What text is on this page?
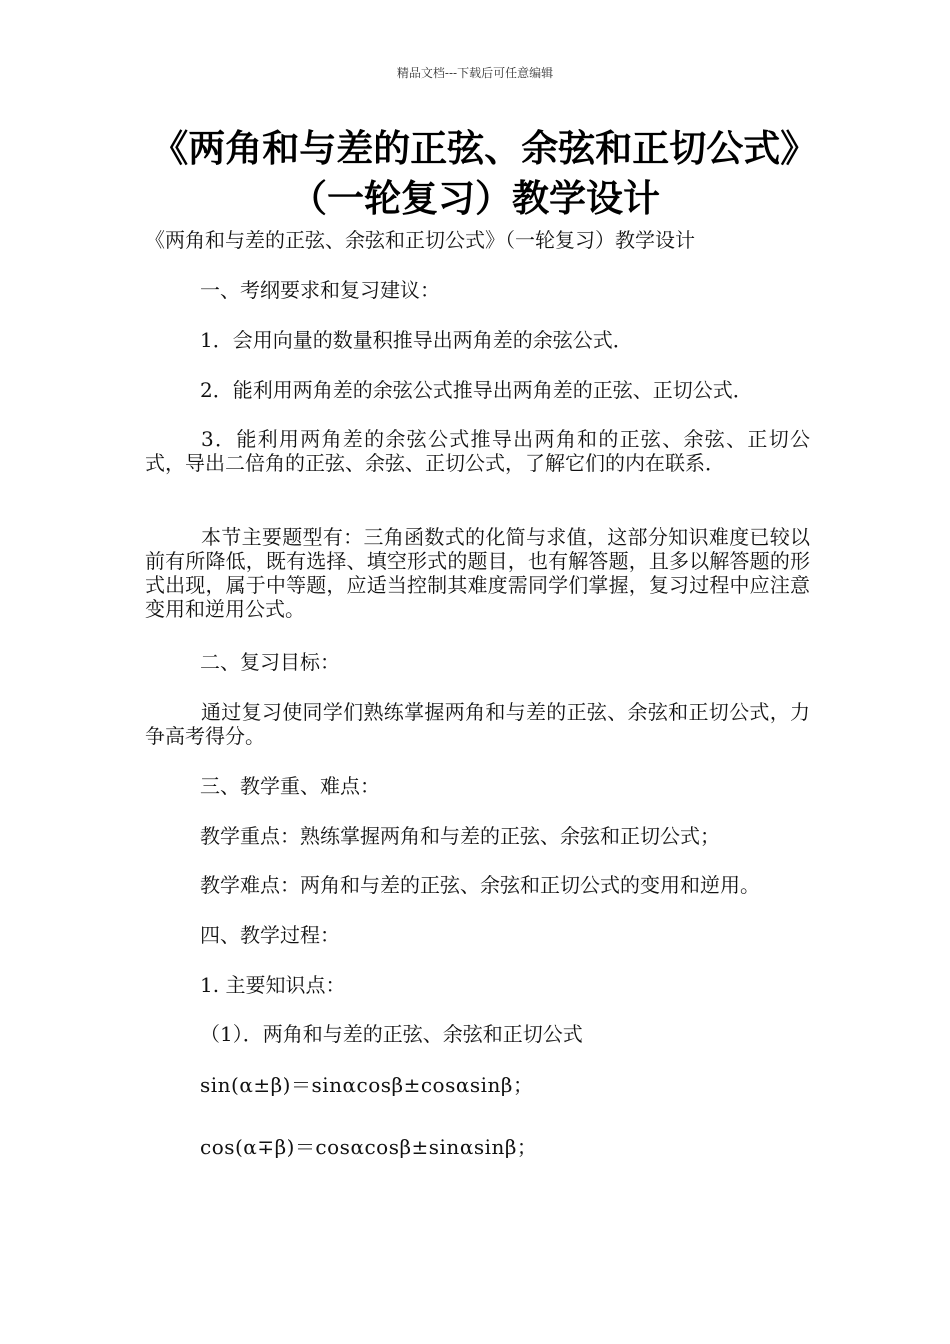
精品文档---下载后可任意编辑
《两角和与差的正弦、余弦和正切公式》（一轮复习）教学设计
《两角和与差的正弦、余弦和正切公式》（一轮复习）教学设计
一、考纲要求和复习建议：
1．会用向量的数量积推导出两角差的余弦公式．
2．能利用两角差的余弦公式推导出两角差的正弦、正切公式．
3．能利用两角差的余弦公式推导出两角和的正弦、余弦、正切公式，导出二倍角的正弦、余弦、正切公式，了解它们的内在联系．
本节主要题型有：三角函数式的化简与求值，这部分知识难度已较以前有所降低，既有选择、填空形式的题目，也有解答题，且多以解答题的形式出现，属于中等题，应适当控制其难度需同学们掌握，复习过程中应注意变用和逆用公式。
二、复习目标：
通过复习使同学们熟练掌握两角和与差的正弦、余弦和正切公式，力争高考得分。
三、教学重、难点：
教学重点：熟练掌握两角和与差的正弦、余弦和正切公式；
教学难点：两角和与差的正弦、余弦和正切公式的变用和逆用。
四、教学过程：
1. 主要知识点：
（1）．两角和与差的正弦、余弦和正切公式
sin(α±β)＝sinαcosβ±cosαsinβ；
cos(α∓β)＝cosαcosβ±sinαsinβ；
